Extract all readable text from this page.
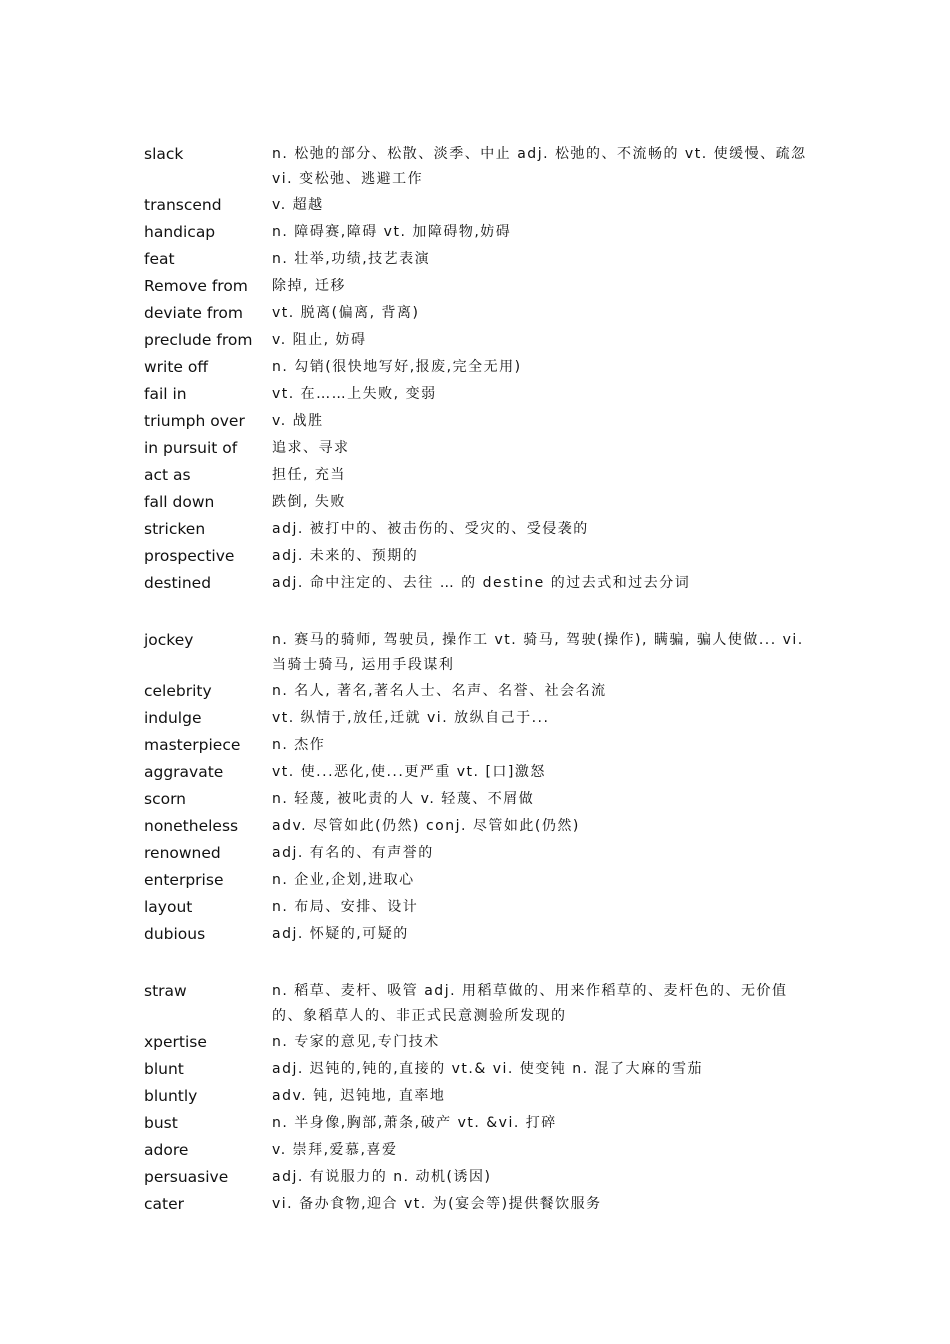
slack	n. 松弛的部分、松散、淡季、中止 adj. 松弛的、不流畅的 vt. 使缓慢、疏忽 vi. 变松弛、逃避工作
transcend	v. 超越
handicap	n. 障碍赛,障碍 vt. 加障碍物,妨碍
feat	n. 壮举,功绩,技艺表演
Remove from	除掉, 迁移
deviate from	vt. 脱离(偏离, 背离)
preclude from	v. 阻止, 妨碍
write off	n. 勾销(很快地写好,报废,完全无用)
fail in	vt. 在……上失败, 变弱
triumph over	v. 战胜
in pursuit of	追求、寻求
act as	担任, 充当
fall down	跌倒, 失败
stricken	adj. 被打中的、被击伤的、受灾的、受侵袭的
prospective	adj. 未来的、预期的
destined	adj. 命中注定的、去往 … 的 destine 的过去式和过去分词
jockey	n. 赛马的骑师, 驾驶员, 操作工 vt. 骑马, 驾驶(操作), 瞒骗, 骗人使做... vi. 当骑士骑马, 运用手段谋利
celebrity	n. 名人, 著名,著名人士、名声、名誉、社会名流
indulge	vt. 纵情于,放任,迁就 vi. 放纵自己于...
masterpiece	n. 杰作
aggravate	vt. 使...恶化,使...更严重 vt. [口]激怒
scorn	n. 轻蔑, 被叱责的人 v. 轻蔑、不屑做
nonetheless	adv. 尽管如此(仍然) conj. 尽管如此(仍然)
renowned	adj. 有名的、有声誉的
enterprise	n. 企业,企划,进取心
layout	n. 布局、安排、设计
dubious	adj. 怀疑的,可疑的
straw	n. 稻草、麦杆、吸管 adj. 用稻草做的、用来作稻草的、麦杆色的、无价值的、象稻草人的、非正式民意测验所发现的
xpertise	n. 专家的意见,专门技术
blunt	adj. 迟钝的,钝的,直接的 vt.& vi. 使变钝 n. 混了大麻的雪茄
bluntly	adv. 钝, 迟钝地, 直率地
bust	n. 半身像,胸部,萧条,破产 vt. &vi. 打碎
adore	v. 崇拜,爱慕,喜爱
persuasive	adj. 有说服力的 n. 动机(诱因)
cater	vi. 备办食物,迎合 vt. 为(宴会等)提供餐饮服务
